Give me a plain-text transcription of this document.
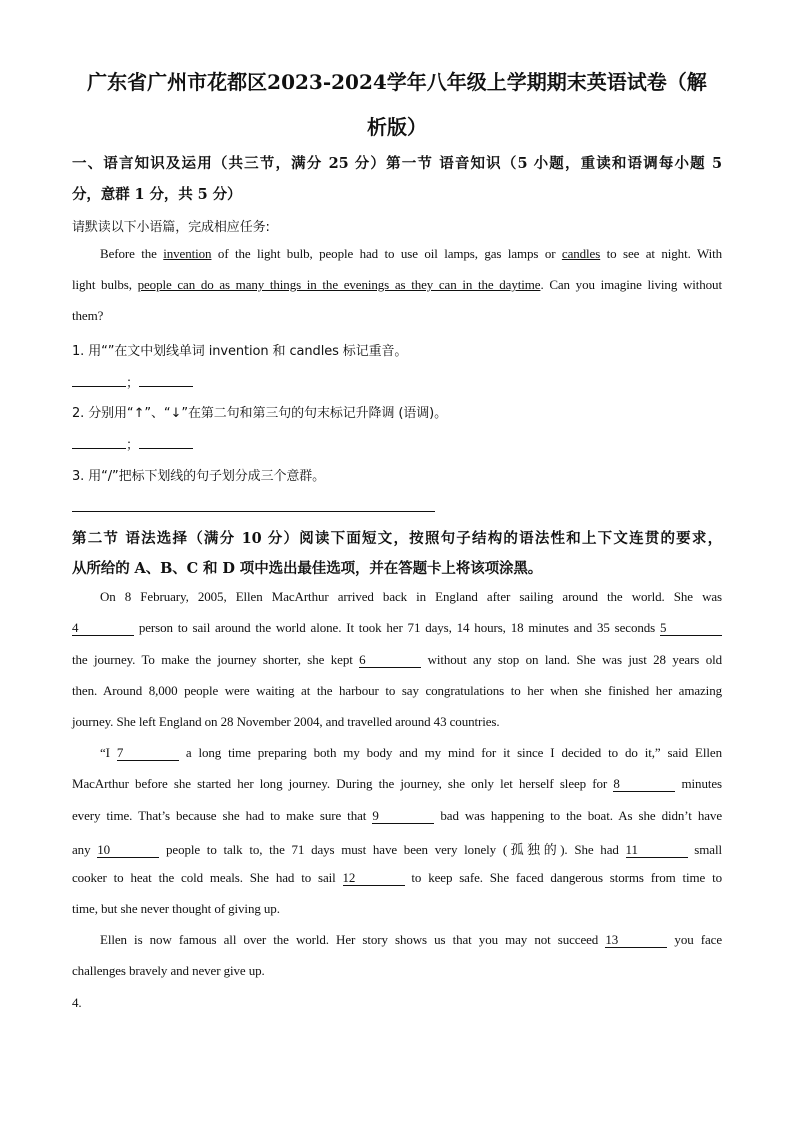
广东省广州市花都区2023-2024学年八年级上学期期末英语试卷（解
析版）
一、语言知识及运用（共三节，满分 25 分）第一节 语音知识（5 小题，重读和语调每小题 5
分，意群 1 分，共 5 分）
请默读以下小语篇，完成相应任务:
Before the invention of the light bulb, people had to use oil lamps, gas lamps or candles to see at night. With
light bulbs, people can do as many things in the evenings as they can in the daytime. Can you imagine living without
them?
1. 用“”在文中划线单词 invention 和 candles 标记重音。
；
2. 分别用“↑”、“↓”在第二句和第三句的句末标记升降调 (语调)。
；
3. 用“/”把标下划线的句子划分成三个意群。
第二节 语法选择（满分 10 分）阅读下面短文，按照句子结构的语法性和上下文连贯的要求，
从所给的 A、B、C 和 D 项中选出最佳选项，并在答题卡上将该项涂黑。
On 8 February, 2005, Ellen MacArthur arrived back in England after sailing around the world. She was
4	person to sail around the world alone. It took her 71 days, 14 hours, 18 minutes and 35 seconds 5
the journey. To make the journey shorter, she kept 6	without any stop on land. She was just 28 years old
then. Around 8,000 people were waiting at the harbour to say congratulations to her when she finished her amazing
journey. She left England on 28 November 2004, and travelled around 43 countries.
“I 7	a long time preparing both my body and my mind for it since I decided to do it,” said Ellen
MacArthur before she started her long journey. During the journey, she only let herself sleep for 8	minutes
every time. That’s because she had to make sure that 9	bad was happening to the boat. As she didn’t have
any 10	people to talk to, the 71 days must have been very lonely (孤独的). She had 11	small
cooker to heat the cold meals. She had to sail 12	to keep safe. She faced dangerous storms from time to
time, but she never thought of giving up.
Ellen is now famous all over the world. Her story shows us that you may not succeed 13	you face
challenges bravely and never give up.
4.
